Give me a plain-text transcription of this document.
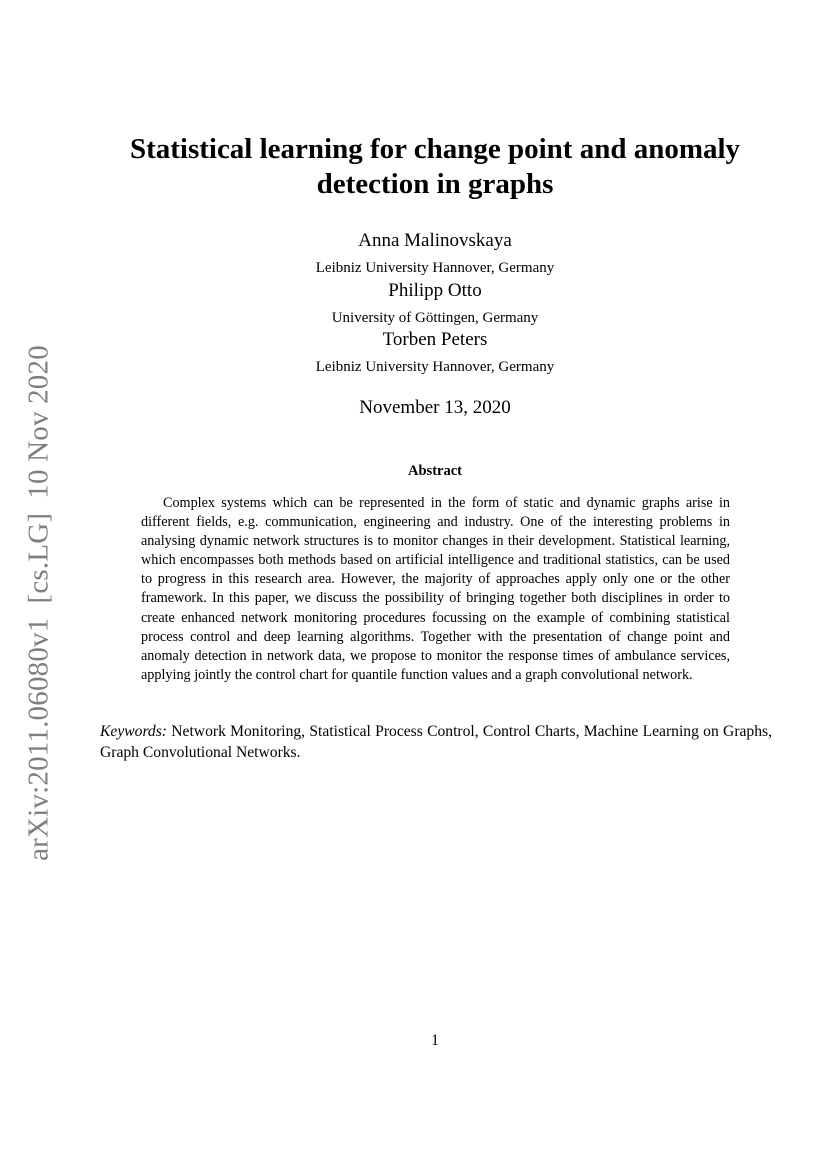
arXiv:2011.06080v1[cs.LG]10 Nov 2020
Statistical learning for change point and anomaly
detection in graphs
Anna Malinovskaya
Leibniz University Hannover, Germany
Philipp Otto
University of Göttingen, Germany
Torben Peters
Leibniz University Hannover, Germany
November 13, 2020
Abstract
Complex systems which can be represented in the form of static and dynamic graphs arise in different fields, e.g. communication, engineering and industry. One of the interesting problems in analysing dynamic network structures is to monitor changes in their development. Statistical learning, which encompasses both methods based on artificial intelligence and traditional statistics, can be used to progress in this research area. However, the majority of approaches apply only one or the other framework. In this paper, we discuss the possibility of bringing together both disciplines in order to create enhanced network monitoring procedures focussing on the example of combining statistical process control and deep learning algorithms. Together with the presentation of change point and anomaly detection in network data, we propose to monitor the response times of ambulance services, applying jointly the control chart for quantile function values and a graph convolutional network.
Keywords: Network Monitoring, Statistical Process Control, Control Charts, Machine Learning on Graphs, Graph Convolutional Networks.
1
